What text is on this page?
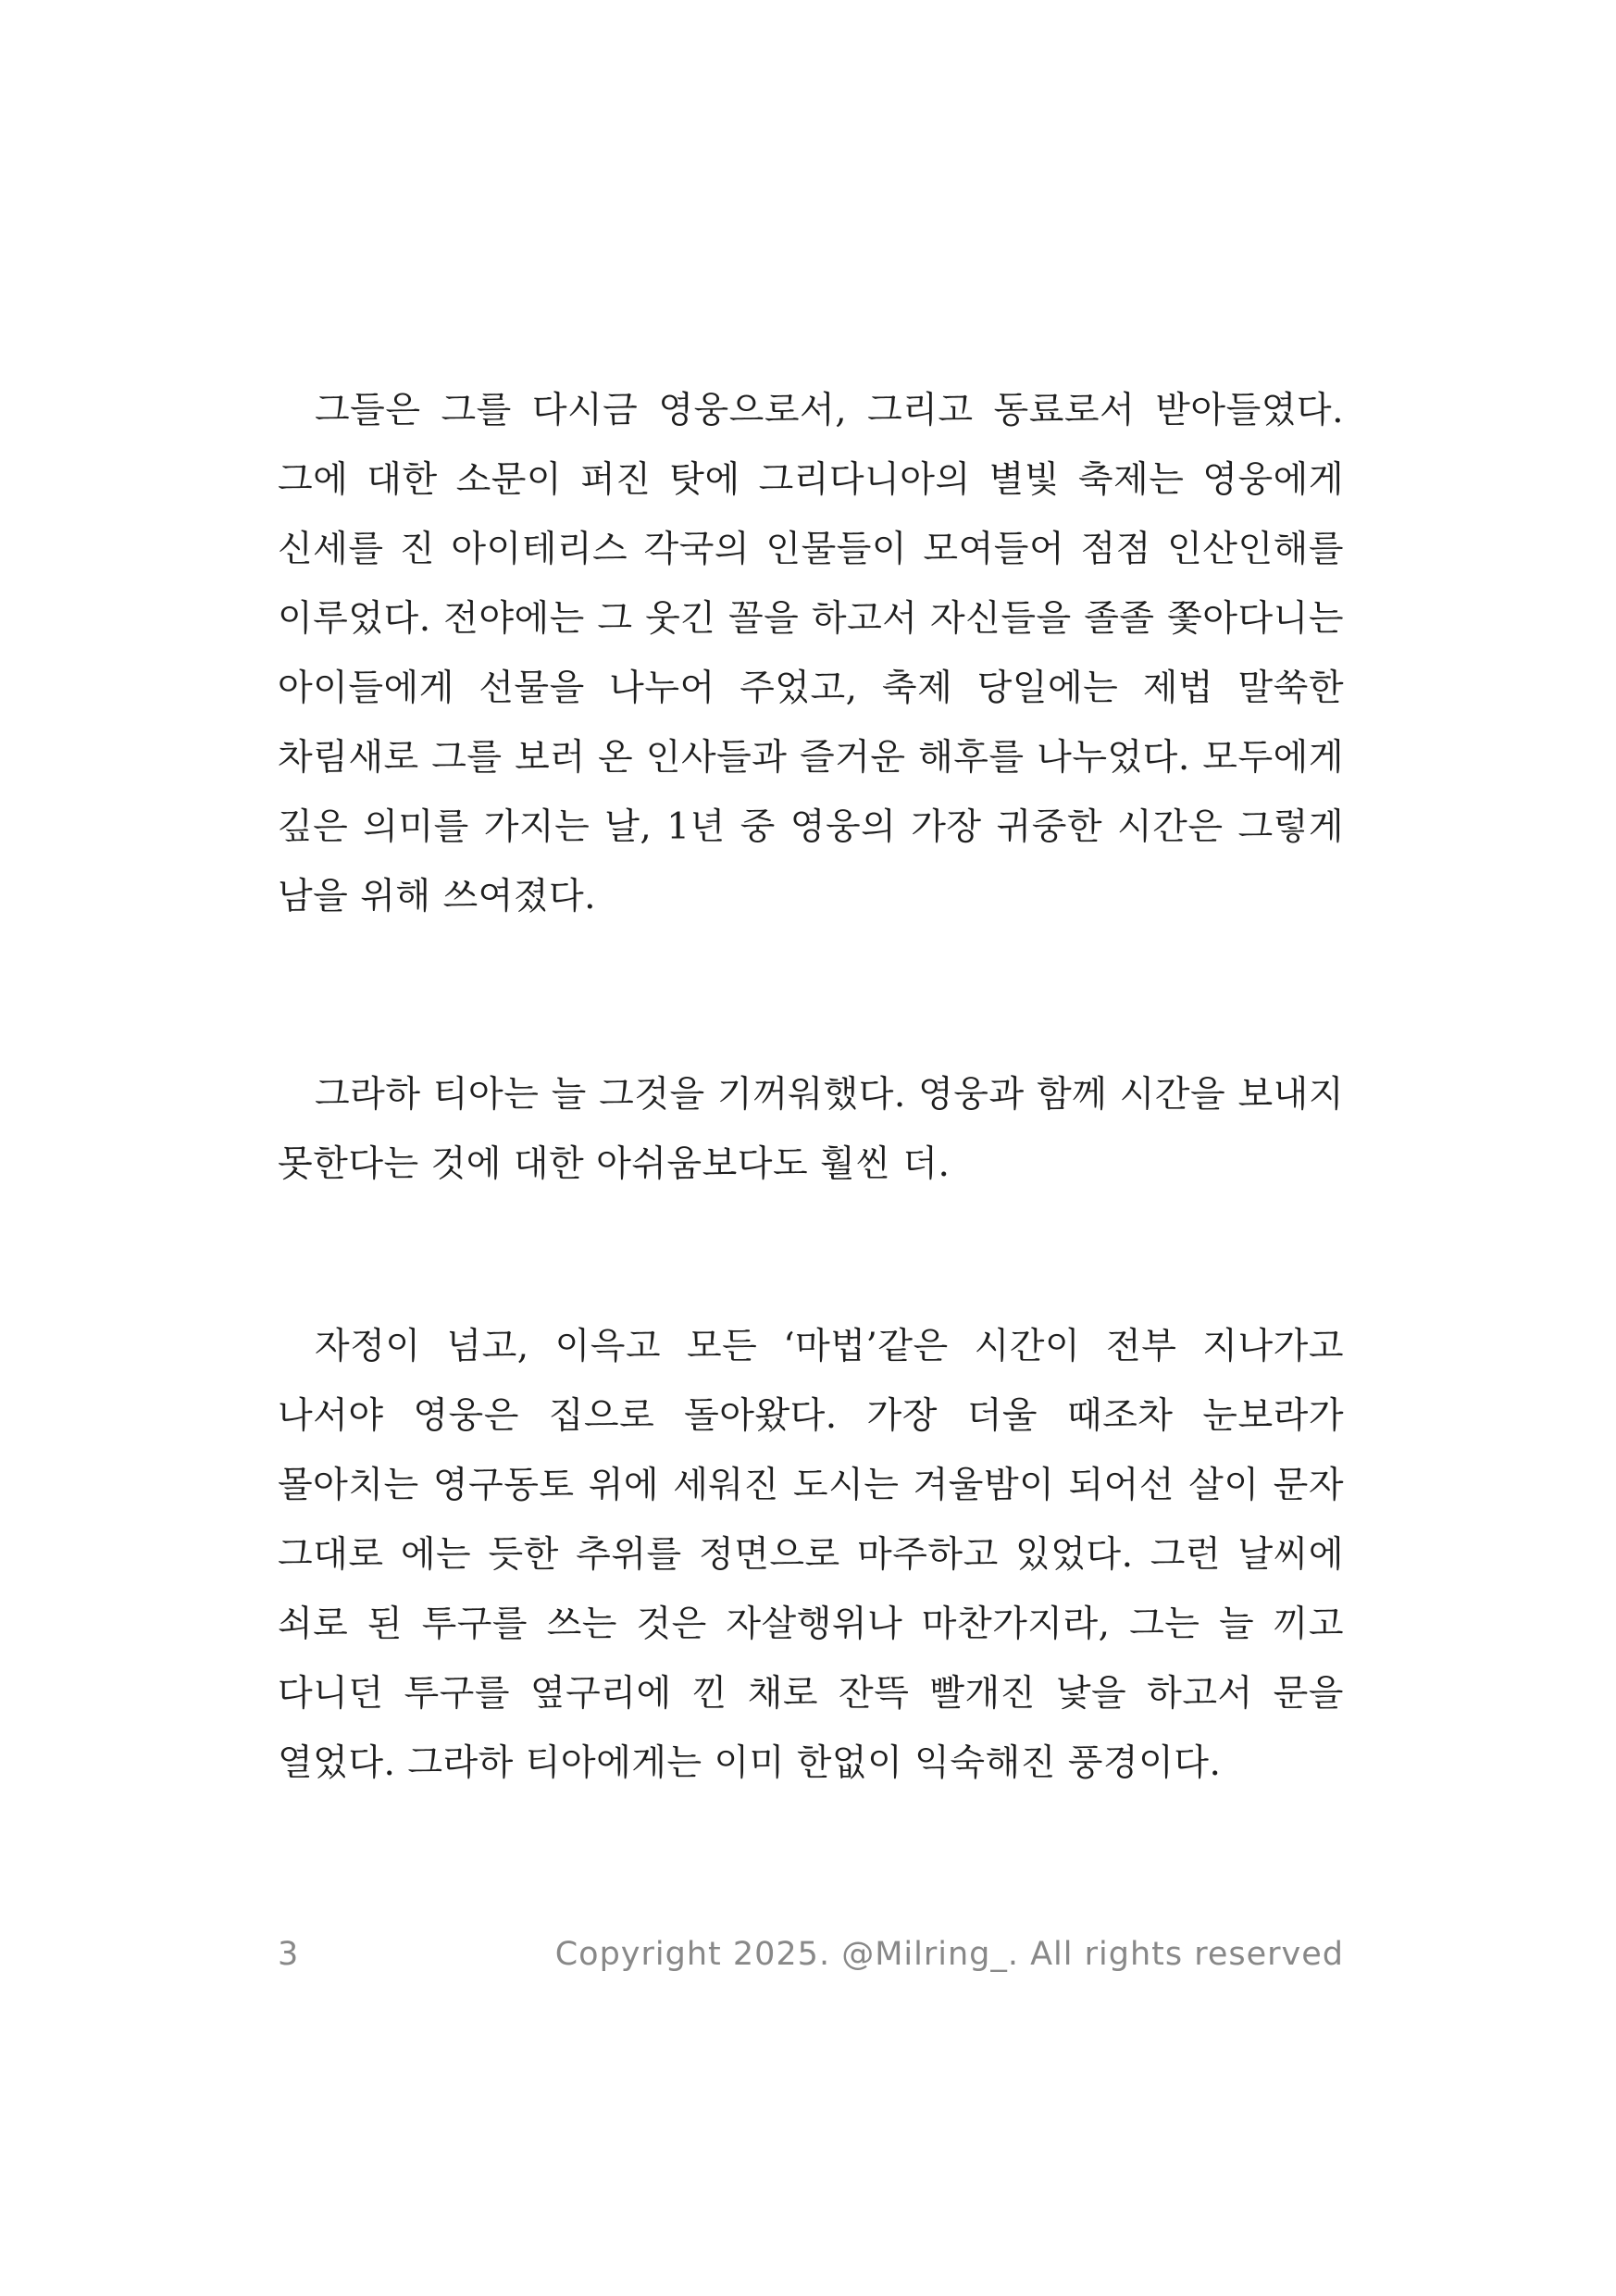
그들은 그를 다시금 영웅으로서, 그리고 동료로서 받아들였다. 그에 대한 소문이 퍼진 탓에 그리다니아의 별빛 축제는 영웅에게 신세를 진 아이테리스 각국의 인물들이 모여들어 점점 인산인해를 이루었다. 전야에는 그 웃긴 꼴을 하고서 자신들을 졸졸 쫓아다니는 아이들에게 선물을 나누어 주었고, 축제 당일에는 제법 말쑥한 차림새로 그를 보러 온 인사들과 즐거운 해후를 나누었다. 모두에게 깊은 의미를 가지는 날, 1년 중 영웅의 가장 귀중한 시간은 그렇게 남을 위해 쓰여졌다.

그라하 티아는 늘 그것을 기꺼워했다. 영웅과 함께 시간을 보내지 못한다는 것에 대한 아쉬움보다도 훨씬 더.

자정이 넘고, 이윽고 모든 ‘마법’같은 시간이 전부 지나가고 나서야 영웅은 집으로 돌아왔다. 가장 더울 때조차 눈보라가 몰아치는 영구동토 위에 세워진 도시는 겨울밤이 되어선 살이 문자 그대로 에는 듯한 추위를 정면으로 마주하고 있었다. 그런 날씨에 쇠로 된 투구를 쓰는 것은 자살행위나 마찬가지라, 그는 늘 끼고 다니던 투구를 옆구리에 낀 채로 잔뜩 빨개진 낯을 하고서 문을 열었다. 그라하 티아에게는 이미 한없이 익숙해진 풍경이다.

3	Copyright 2025. @Milring_. All rights reserved
